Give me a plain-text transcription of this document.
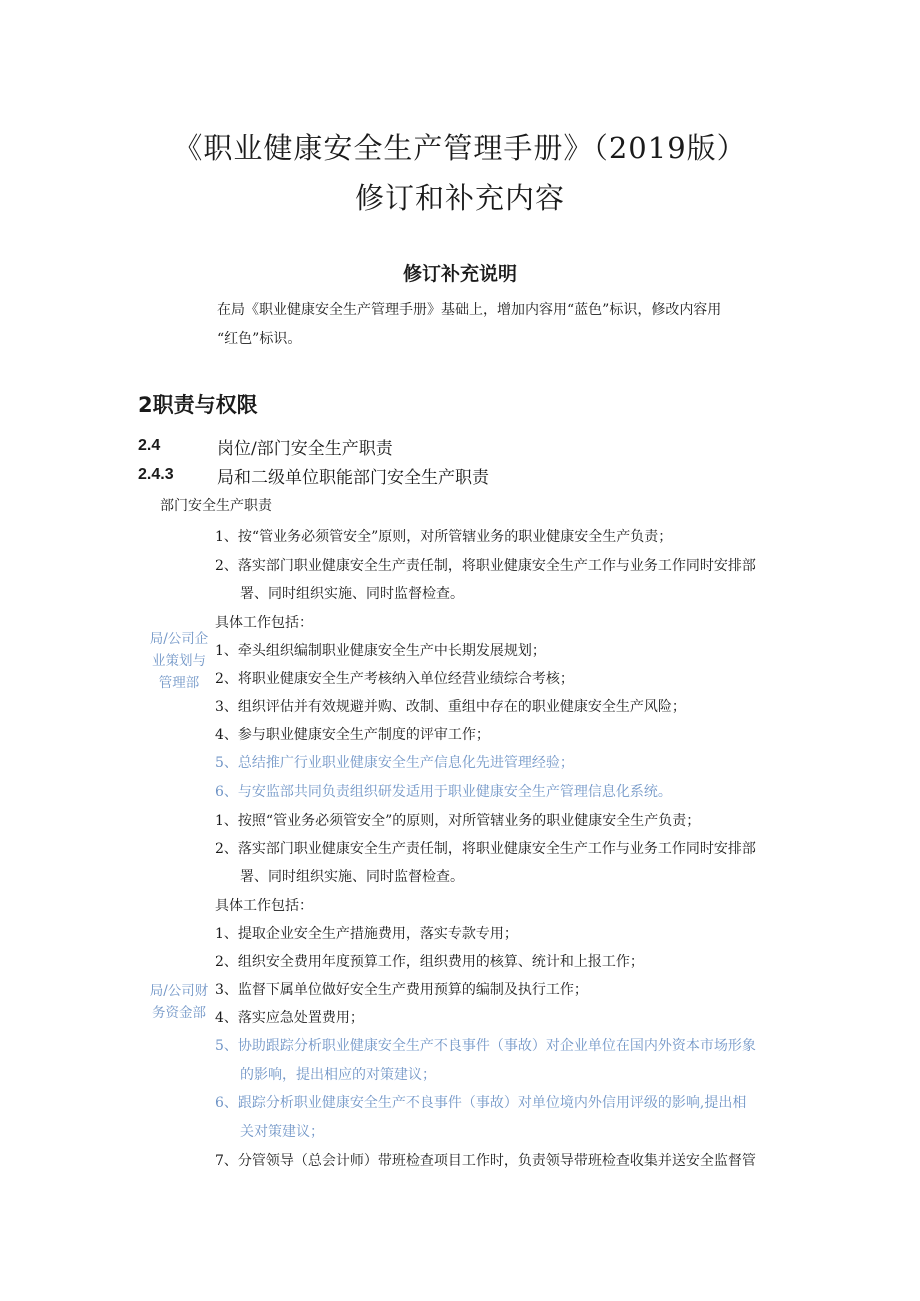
《职业健康安全生产管理手册》（2019版）
修订和补充内容
修订补充说明
在局《职业健康安全生产管理手册》基础上，增加内容用“蓝色”标识，修改内容用
“红色”标识。
2职责与权限
2.4	岗位/部门安全生产职责
2.4.3	局和二级单位职能部门安全生产职责
部门安全生产职责
局/公司企
业策划与
管理部
1、按“管业务必须管安全”原则，对所管辖业务的职业健康安全生产负责；
2、落实部门职业健康安全生产责任制，将职业健康安全生产工作与业务工作同时安排部
署、同时组织实施、同时监督检查。
具体工作包括：
1、牵头组织编制职业健康安全生产中长期发展规划；
2、将职业健康安全生产考核纳入单位经营业绩综合考核；
3、组织评估并有效规避并购、改制、重组中存在的职业健康安全生产风险；
4、参与职业健康安全生产制度的评审工作；
5、总结推广行业职业健康安全生产信息化先进管理经验；
6、与安监部共同负责组织研发适用于职业健康安全生产管理信息化系统。
1、按照“管业务必须管安全”的原则，对所管辖业务的职业健康安全生产负责；
2、落实部门职业健康安全生产责任制，将职业健康安全生产工作与业务工作同时安排部
署、同时组织实施、同时监督检查。
具体工作包括：
1、提取企业安全生产措施费用，落实专款专用；
2、组织安全费用年度预算工作，组织费用的核算、统计和上报工作；
3、监督下属单位做好安全生产费用预算的编制及执行工作；
4、落实应急处置费用；
5、协助跟踪分析职业健康安全生产不良事件（事故）对企业单位在国内外资本市场形象
的影响，提出相应的对策建议；
6、跟踪分析职业健康安全生产不良事件（事故）对单位境内外信用评级的影响,提出相
关对策建议；
7、分管领导（总会计师）带班检查项目工作时，负责领导带班检查收集并送安全监督管
局/公司财
务资金部
